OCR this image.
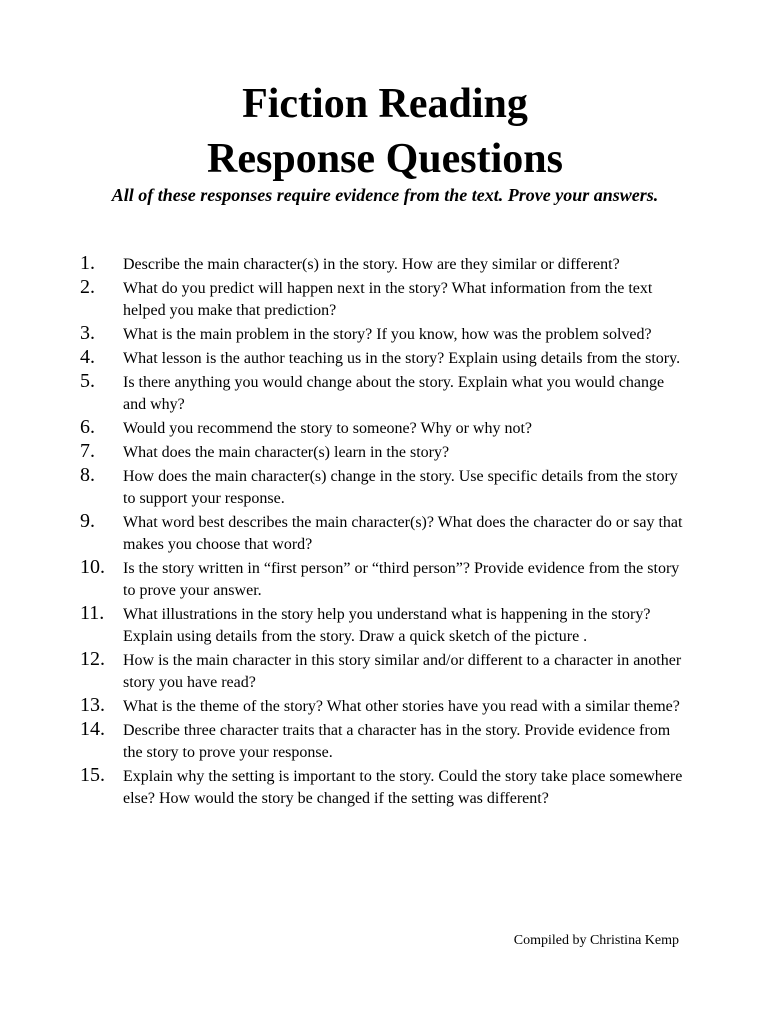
Fiction Reading
Response Questions

All of these responses require evidence from the text. Prove your answers.

1.	Describe the main character(s) in the story. How are they similar or different?
2.	What do you predict will happen next in the story? What information from the text helped you make that prediction?
3.	What is the main problem in the story? If you know, how was the problem solved?
4.	What lesson is the author teaching us in the story? Explain using details from the story.
5.	Is there anything you would change about the story. Explain what you would change and why?
6.	Would you recommend the story to someone? Why or why not?
7.	What does the main character(s) learn in the story?
8.	How does the main character(s) change in the story. Use specific details from the story to support your response.
9.	What word best describes the main character(s)? What does the character do or say that makes you choose that word?
10.	Is the story written in “first person” or “third person”? Provide evidence from the story to prove your answer.
11.	What illustrations in the story help you understand what is happening in the story? Explain using details from the story. Draw a quick sketch of the picture .
12.	How is the main character in this story similar and/or different to a character in another story you have read?
13.	What is the theme of the story? What other stories have you read with a similar theme?
14.	Describe three character traits that a character has in the story. Provide evidence from the story to prove your response.
15.	Explain why the setting is important to the story. Could the story take place somewhere else? How would the story be changed if the setting was different?

Compiled by Christina Kemp
